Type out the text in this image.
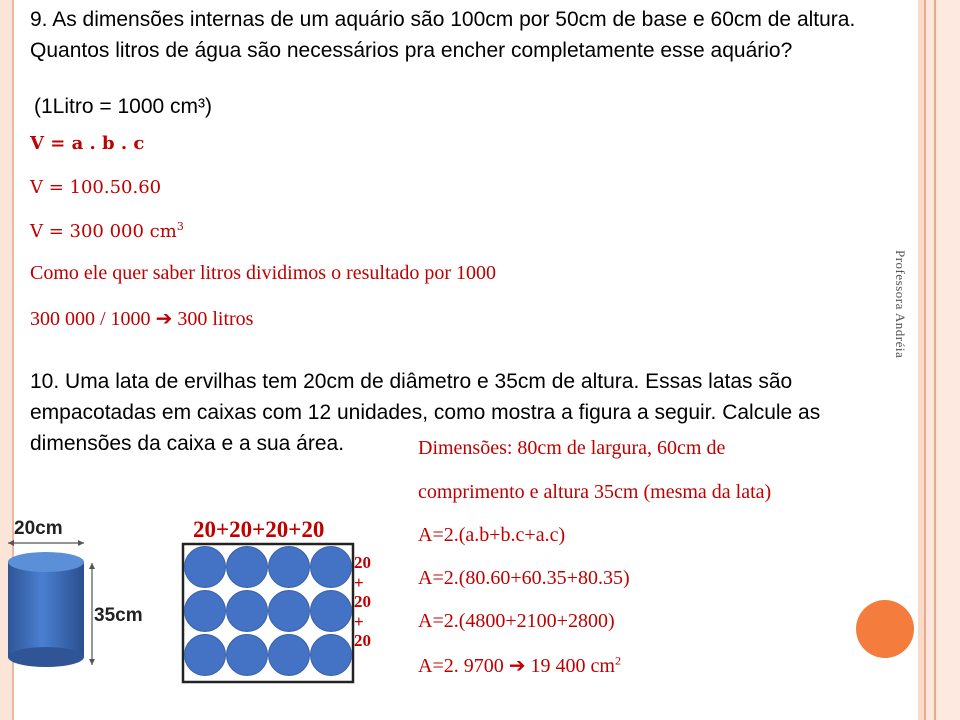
Professora Andréia
9. As dimensões internas de um aquário são 100cm por 50cm de base e 60cm de altura. Quantos litros de água são necessários pra encher completamente esse aquário?
(1Litro = 1000 cm³)
V = a . b . c
V = 100.50.60
V = 300 000 $cm^3$
Como ele quer saber litros dividimos o resultado por 1000
300 000 / 1000 ➔ 300 litros
10. Uma lata de ervilhas tem 20cm de diâmetro e 35cm de altura. Essas latas são empacotadas em caixas com 12 unidades, como mostra a figura a seguir. Calcule as dimensões da caixa e a sua área.	Dimensões: 80cm de largura, 60cm de
comprimento e altura 35cm (mesma da lata)
A=2.(a.b+b.c+a.c)
A=2.(80.60+60.35+80.35)
A=2.(4800+2100+2800)
A=2. 9700 ➔ 19 400 $cm^2$
20cm
35cm
20+20+20+20
20
+
20
+
20
